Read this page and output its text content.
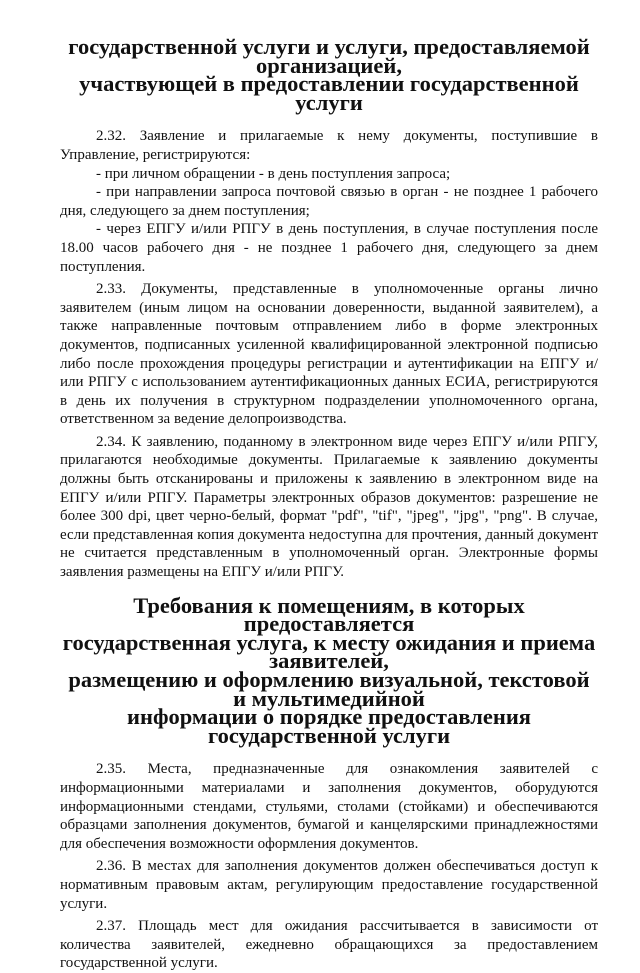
государственной услуги и услуги, предоставляемой организацией,
участвующей в предоставлении государственной услуги

2.32. Заявление и прилагаемые к нему документы, поступившие в Управление, регистрируются:

- при личном обращении - в день поступления запроса;

- при направлении запроса почтовой связью в орган - не позднее 1 рабочего дня, следующего за днем поступления;

- через ЕПГУ и/или РПГУ в день поступления, в случае поступления после 18.00 часов рабочего дня - не позднее 1 рабочего дня, следующего за днем поступления.

2.33. Документы, представленные в уполномоченные органы лично заявителем (иным лицом на основании доверенности, выданной заявителем), а также направленные почтовым отправлением либо в форме электронных документов, подписанных усиленной квалифицированной электронной подписью либо после прохождения процедуры регистрации и аутентификации на ЕПГУ и/или РПГУ с использованием аутентификационных данных ЕСИА, регистрируются в день их получения в структурном подразделении уполномоченного органа, ответственном за ведение делопроизводства.

2.34. К заявлению, поданному в электронном виде через ЕПГУ и/или РПГУ, прилагаются необходимые документы. Прилагаемые к заявлению документы должны быть отсканированы и приложены к заявлению в электронном виде на ЕПГУ и/или РПГУ. Параметры электронных образов документов: разрешение не более 300 dpi, цвет черно-белый, формат "pdf", "tif", "jpeg", "jpg", "png". В случае, если представленная копия документа недоступна для прочтения, данный документ не считается представленным в уполномоченный орган. Электронные формы заявления размещены на ЕПГУ и/или РПГУ.

Требования к помещениям, в которых предоставляется
государственная услуга, к месту ожидания и приема заявителей,
размещению и оформлению визуальной, текстовой и мультимедийной
информации о порядке предоставления государственной услуги

2.35. Места, предназначенные для ознакомления заявителей с информационными материалами и заполнения документов, оборудуются информационными стендами, стульями, столами (стойками) и обеспечиваются образцами заполнения документов, бумагой и канцелярскими принадлежностями для обеспечения возможности оформления документов.

2.36. В местах для заполнения документов должен обеспечиваться доступ к нормативным правовым актам, регулирующим предоставление государственной услуги.

2.37. Площадь мест для ожидания рассчитывается в зависимости от количества заявителей, ежедневно обращающихся за предоставлением государственной услуги.
